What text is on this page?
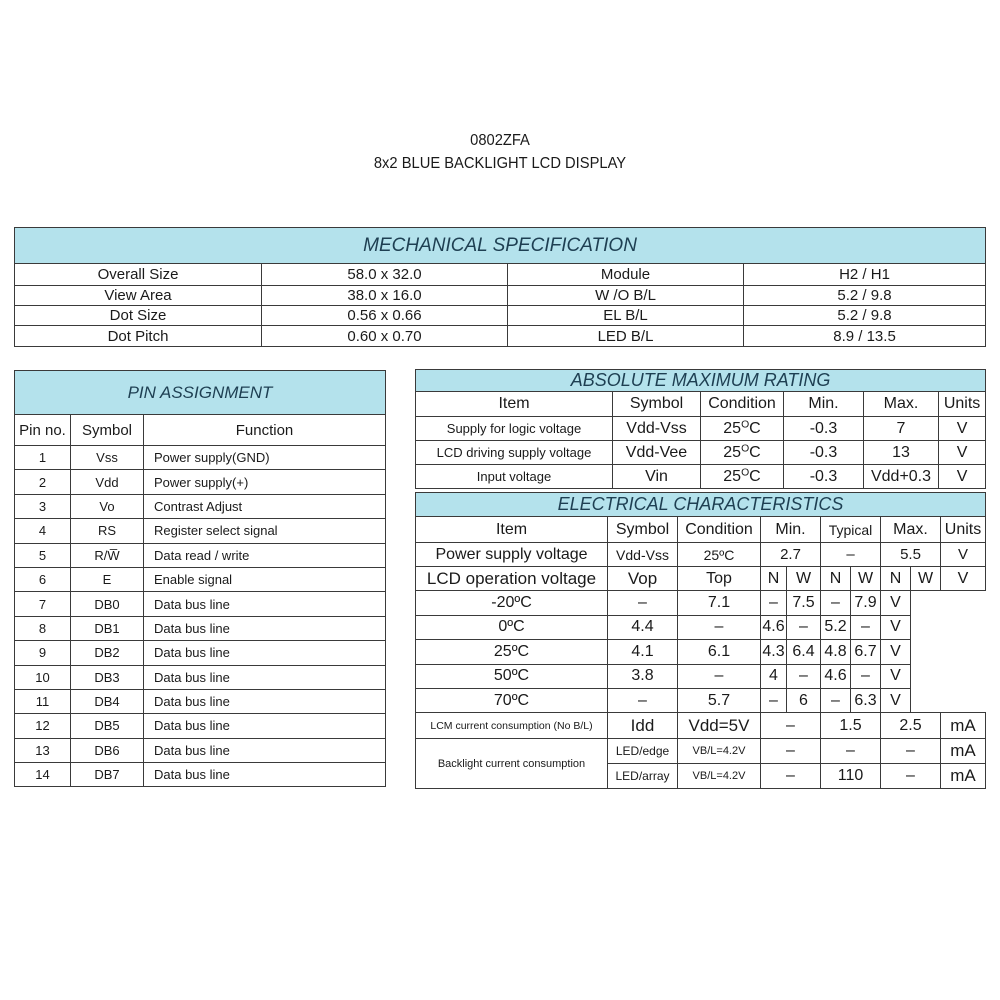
0802ZFA
8x2 BLUE BACKLIGHT LCD DISPLAY
MECHANICAL SPECIFICATION			
Overall Size	58.0 x 32.0	Module	H2 / H1
View Area	38.0 x 16.0	W /O B/L	5.2 / 9.8
Dot Size	0.56 x 0.66	EL B/L	5.2 / 9.8
Dot Pitch	0.60 x 0.70	LED B/L	8.9 / 13.5
PIN ASSIGNMENT		
Pin no.	Symbol	Function
1	Vss	Power supply(GND)
2	Vdd	Power supply(+)
3	Vo	Contrast Adjust
4	RS	Register select signal
5	R/W̅	Data read / write
6	E	Enable signal
7	DB0	Data bus line
8	DB1	Data bus line
9	DB2	Data bus line
10	DB3	Data bus line
11	DB4	Data bus line
12	DB5	Data bus line
13	DB6	Data bus line
14	DB7	Data bus line
ABSOLUTE MAXIMUM RATING					
Item	Symbol	Condition	Min.	Max.	Units
Supply for logic voltage	Vdd-Vss	$25^OC$	-0.3	7	V
LCD driving supply voltage	Vdd-Vee	$25^OC$	-0.3	13	V
Input voltage	Vin	$25^OC$	-0.3	Vdd+0.3	V
ELECTRICAL CHARACTERISTICS									
Item	Symbol	Condition	Min.		Typical		Max.		Units
Power supply voltage	Vdd-Vss	25ºC	2.7		–		5.5		V
LCD operation voltage	Vop	Top	N	W	N	W	N	W	V
-20ºC	–	7.1	–	7.5	–	7.9	V		
0ºC	4.4	–	4.6	–	5.2	–	V		
25ºC	4.1	6.1	4.3	6.4	4.8	6.7	V		
50ºC	3.8	–	4	–	4.6	–	V		
70ºC	–	5.7	–	6	–	6.3	V		
LCM current consumption (No B/L)	Idd	Vdd=5V	–		1.5		2.5		mA
Backlight current consumption	LED/edge	VB/L=4.2V	–		–		–		mA
	LED/array	VB/L=4.2V	–		110		–		mA
